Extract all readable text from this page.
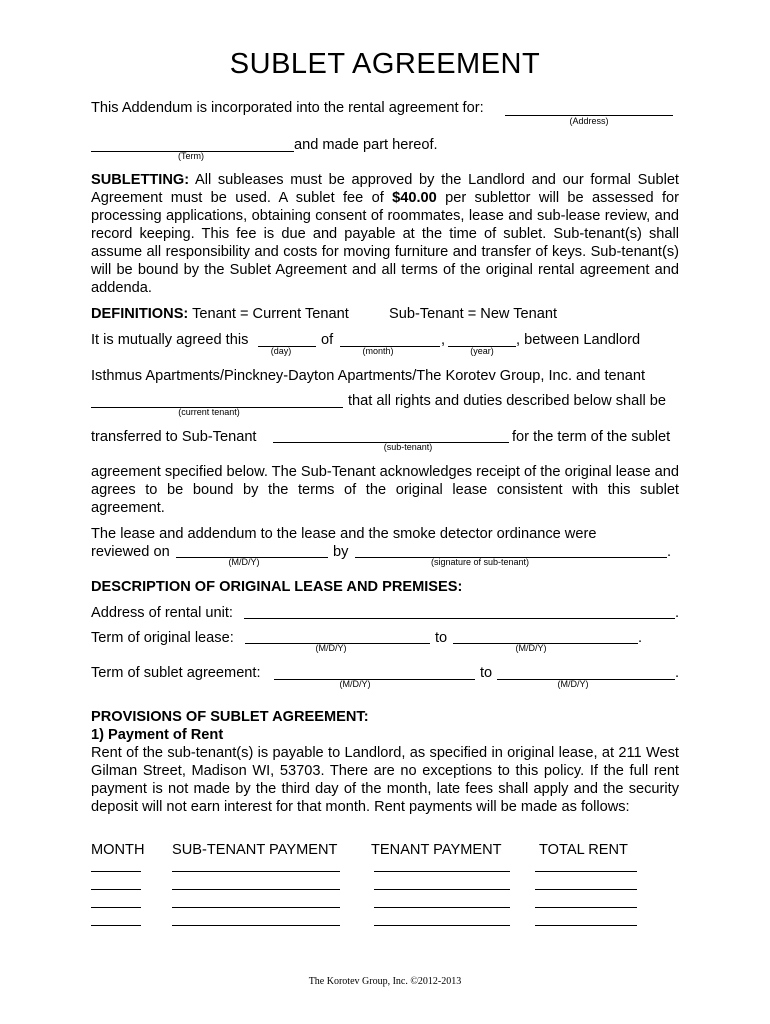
SUBLET AGREEMENT
This Addendum is incorporated into the rental agreement for:
(Address)
(Term)
and made part hereof.
SUBLETTING: All subleases must be approved by the Landlord and our formal Sublet Agreement must be used. A sublet fee of $40.00 per sublettor will be assessed for processing applications, obtaining consent of roommates, lease and sub-lease review, and record keeping. This fee is due and payable at the time of sublet. Sub-tenant(s) shall assume all responsibility and costs for moving furniture and transfer of keys. Sub-tenant(s) will be bound by the Sublet Agreement and all terms of the original rental agreement and addenda.
DEFINITIONS: Tenant = Current Tenant	Sub-Tenant = New Tenant
It is mutually agreed this
(day)
of
(month)
,
(year)
, between Landlord
Isthmus Apartments/Pinckney-Dayton Apartments/The Korotev Group, Inc. and tenant
(current tenant)
that all rights and duties described below shall be
transferred to Sub-Tenant
(sub-tenant)
for the term of the sublet
agreement specified below. The Sub-Tenant acknowledges receipt of the original lease and agrees to be bound by the terms of the original lease consistent with this sublet agreement.
The lease and addendum to the lease and the smoke detector ordinance were
reviewed on
(M/D/Y)
by
(signature of sub-tenant)
.
DESCRIPTION OF ORIGINAL LEASE AND PREMISES:
Address of rental unit:	.
Term of original lease:
(M/D/Y)
to
(M/D/Y)
.
Term of sublet agreement:
(M/D/Y)
to
(M/D/Y)
.
PROVISIONS OF SUBLET AGREEMENT:
1) Payment of Rent
Rent of the sub-tenant(s) is payable to Landlord, as specified in original lease, at 211 West Gilman Street, Madison WI, 53703. There are no exceptions to this policy. If the full rent payment is not made by the third day of the month, late fees shall apply and the security deposit will not earn interest for that month. Rent payments will be made as follows:
MONTH SUB-TENANT PAYMENT TENANT PAYMENT	TOTAL RENT
The Korotev Group, Inc. ©2012-2013
